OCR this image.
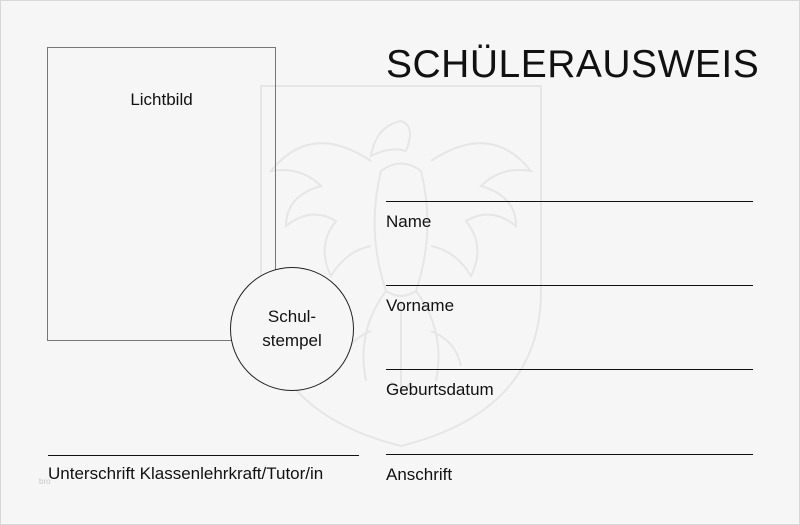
Lichtbild
Schul-
stempel
SCHÜLERAUSWEIS
Name
Vorname
Geburtsdatum
Anschrift
Unterschrift Klassenlehrkraft/Tutor/in
bro
